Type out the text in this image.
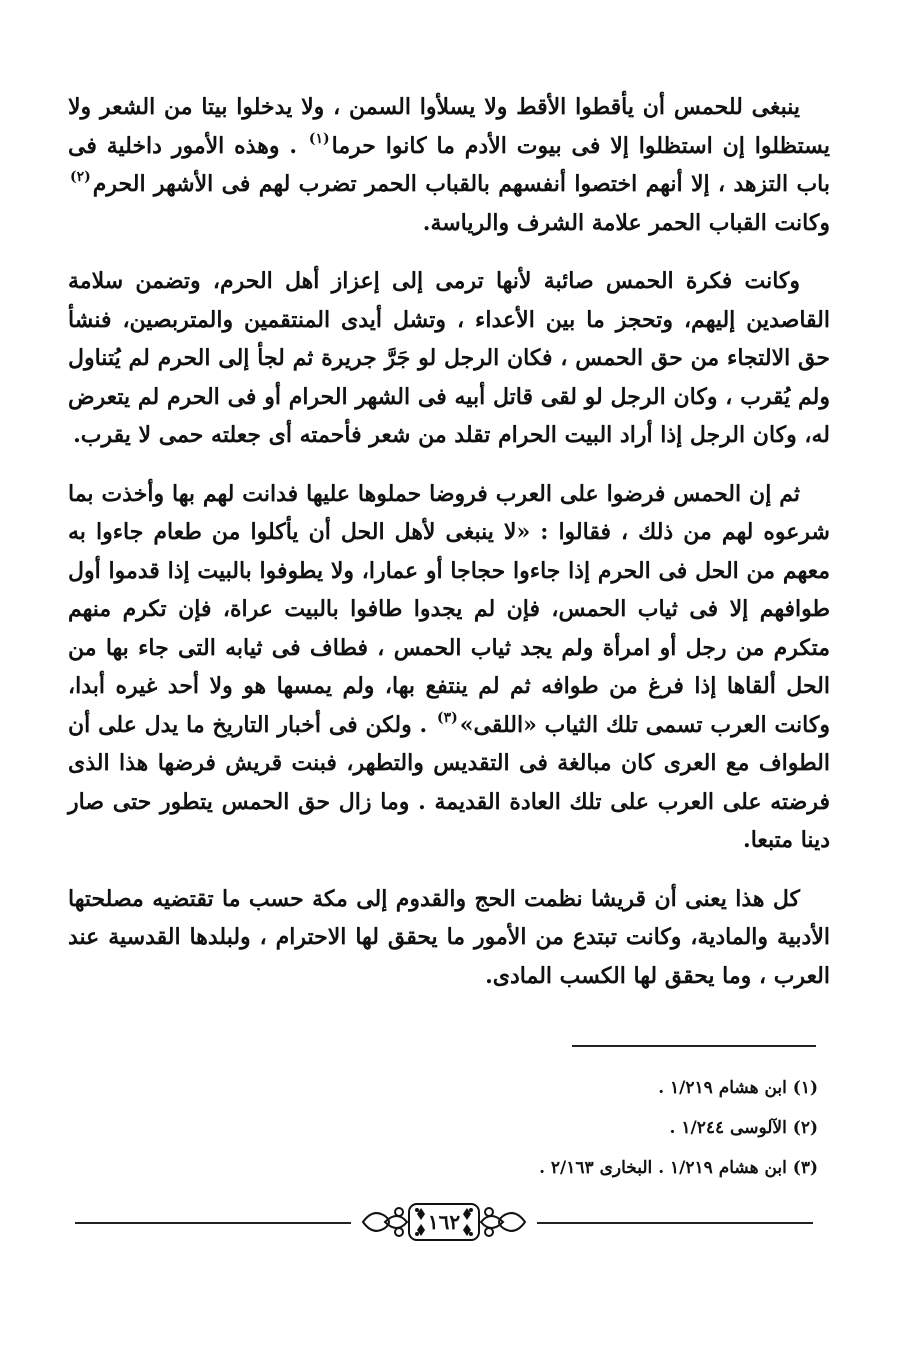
ينبغى للحمس أن يأقطوا الأقط ولا يسلأوا السمن ، ولا يدخلوا بيتا من الشعر ولا يستظلوا إن استظلوا إلا فى بيوت الأدم ما كانوا حرما$^{(١)}$ . وهذه الأمور داخلية فى باب التزهد ، إلا أنهم اختصوا أنفسهم بالقباب الحمر تضرب لهم فى الأشهر الحرم$^{(٢)}$ وكانت القباب الحمر علامة الشرف والرياسة.

وكانت فكرة الحمس صائبة لأنها ترمى إلى إعزاز أهل الحرم، وتضمن سلامة القاصدين إليهم، وتحجز ما بين الأعداء ، وتشل أيدى المنتقمين والمتربصين، فنشأ حق الالتجاء من حق الحمس ، فكان الرجل لو جَرَّ جريرة ثم لجأ إلى الحرم لم يُتناول ولم يُقرب ، وكان الرجل لو لقى قاتل أبيه فى الشهر الحرام أو فى الحرم لم يتعرض له، وكان الرجل إذا أراد البيت الحرام تقلد من شعر فأحمته أى جعلته حمى لا يقرب.

ثم إن الحمس فرضوا على العرب فروضا حملوها عليها فدانت لهم بها وأخذت بما شرعوه لهم من ذلك ، فقالوا : «لا ينبغى لأهل الحل أن يأكلوا من طعام جاءوا به معهم من الحل فى الحرم إذا جاءوا حجاجا أو عمارا، ولا يطوفوا بالبيت إذا قدموا أول طوافهم إلا فى ثياب الحمس، فإن لم يجدوا طافوا بالبيت عراة، فإن تكرم منهم متكرم من رجل أو امرأة ولم يجد ثياب الحمس ، فطاف فى ثيابه التى جاء بها من الحل ألقاها إذا فرغ من طوافه ثم لم ينتفع بها، ولم يمسها هو ولا أحد غيره أبدا، وكانت العرب تسمى تلك الثياب «اللقى»$^{(٣)}$ . ولكن فى أخبار التاريخ ما يدل على أن الطواف مع العرى كان مبالغة فى التقديس والتطهر، فبنت قريش فرضها هذا الذى فرضته على العرب على تلك العادة القديمة . وما زال حق الحمس يتطور حتى صار دينا متبعا.

كل هذا يعنى أن قريشا نظمت الحج والقدوم إلى مكة حسب ما تقتضيه مصلحتها الأدبية والمادية، وكانت تبتدع من الأمور ما يحقق لها الاحترام ، ولبلدها القدسية عند العرب ، وما يحقق لها الكسب المادى.

(١) ابن هشام ١/٢١٩ .
(٢) الآلوسى ١/٢٤٤ .
(٣) ابن هشام ١/٢١٩ . البخارى ٢/١٦٣ .
١٦٢
